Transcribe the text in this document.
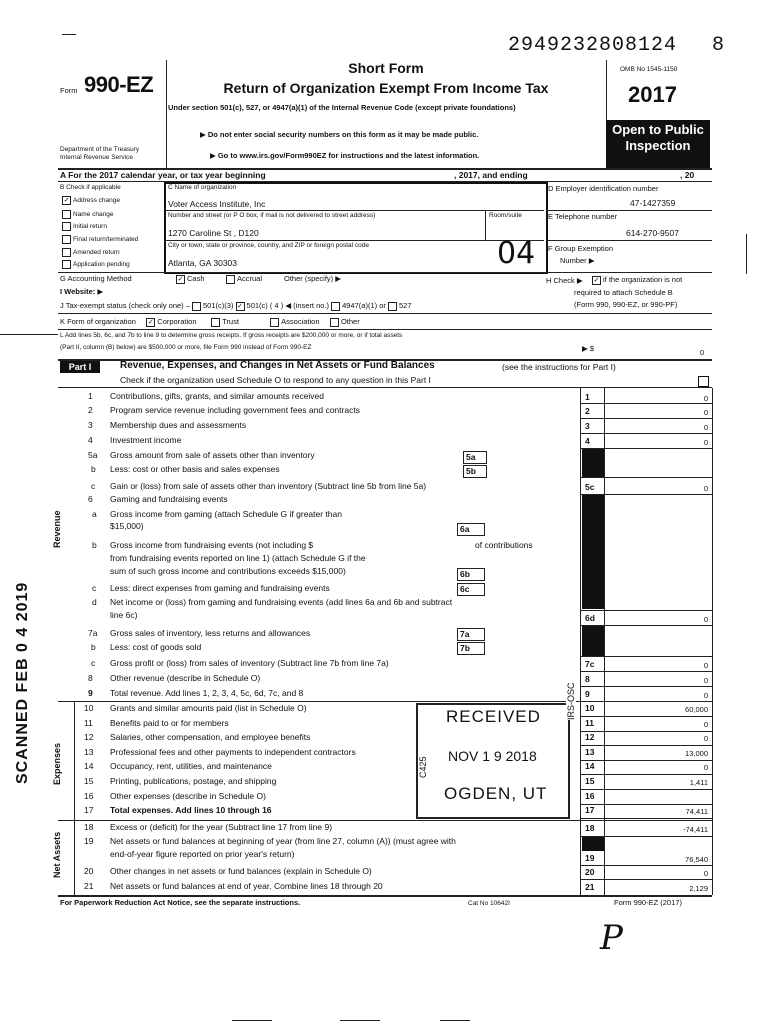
2949232808124 8
Form 990-EZ
Department of the Treasury
Internal Revenue Service
Short Form
Return of Organization Exempt From Income Tax
Under section 501(c), 527, or 4947(a)(1) of the Internal Revenue Code (except private foundations)
▶ Do not enter social security numbers on this form as it may be made public.
▶ Go to www.irs.gov/Form990EZ for instructions and the latest information.
OMB No 1545-1150
2017
Open to Public Inspection
A For the 2017 calendar year, or tax year beginning	, 2017, and ending	, 20
B Check if applicable
✓ Address change
Name change
Initial return
Final return/terminated
Amended return
Application pending
C Name of organization
Voter Access Institute, Inc
Number and street (or P O box, if mail is not delivered to street address)	Room/suite
1270 Caroline St , D120
City or town, state or province, country, and ZIP or foreign postal code
Atlanta, GA 30303	04
D Employer identification number
47-1427359
E Telephone number
614-270-9507
F Group Exemption
Number ▶
G Accounting Method	✓ Cash	Accrual	Other (specify) ▶	H Check ▶ ✓ if the organization is not
required to attach Schedule B
(Form 990, 990-EZ, or 990-PF)
I Website: ▶
J Tax-exempt status (check only one) – 501(c)(3) ✓ 501(c) ( 4 ) ◀ (insert no.) 4947(a)(1) or 527
K Form of organization ✓ Corporation	Trust	Association	Other
L Add lines 5b, 6c, and 7b to line 9 to determine gross receipts. If gross receipts are $200,000 or more, or if total assets
(Part II, column (B) below) are $500,000 or more, file Form 990 instead of Form 990-EZ	▶ $	0
Part I	Revenue, Expenses, and Changes in Net Assets or Fund Balances	(see the instructions for Part I)
Check if the organization used Schedule O to respond to any question in this Part I
1 Contributions, gifts, grants, and similar amounts received	1	0
2 Program service revenue including government fees and contracts	2	0
3 Membership dues and assessments	3	0
4 Investment income	4	0
5a Gross amount from sale of assets other than inventory	5a
b Less: cost or other basis and sales expenses	5b
c Gain or (loss) from sale of assets other than inventory (Subtract line 5b from line 5a)	5c	0
6 Gaming and fundraising events
Revenue	a Gross income from gaming (attach Schedule G if greater than
$15,000)	6a
b Gross income from fundraising events (not including $	of contributions
from fundraising events reported on line 1) (attach Schedule G if the
sum of such gross income and contributions exceeds $15,000)	6b
c Less: direct expenses from gaming and fundraising events	6c
d Net income or (loss) from gaming and fundraising events (add lines 6a and 6b and subtract
line 6c)	6d	0
7a Gross sales of inventory, less returns and allowances	7a
b Less: cost of goods sold	7b
c Gross profit or (loss) from sales of inventory (Subtract line 7b from line 7a)	7c	0
8 Other revenue (describe in Schedule O)	8	0
9 Total revenue. Add lines 1, 2, 3, 4, 5c, 6d, 7c, and 8	9	0
Expenses
10 Grants and similar amounts paid (list in Schedule O)	10	60,000
11 Benefits paid to or for members	11	0
12 Salaries, other compensation, and employee benefits	12	0
13 Professional fees and other payments to independent contractors	13	13,000
14 Occupancy, rent, utilities, and maintenance	14	0
15 Printing, publications, postage, and shipping	15	1,411
16 Other expenses (describe in Schedule O)	16
17 Total expenses. Add lines 10 through 16	17	74,411
Net Assets
18 Excess or (deficit) for the year (Subtract line 17 from line 9)	18	-74,411
19 Net assets or fund balances at beginning of year (from line 27, column (A)) (must agree with
end-of-year figure reported on prior year's return)	19	76,540
20 Other changes in net assets or fund balances (explain in Schedule O)	20	0
21 Net assets or fund balances at end of year. Combine lines 18 through 20	21	2,129
For Paperwork Reduction Act Notice, see the separate instructions.	Cat No 10642I	Form 990-EZ (2017)
RECEIVED
NOV 1 9 2018
OGDEN, UT
IRS-OSC
C425
SCANNED FEB 0 4 2019
P
